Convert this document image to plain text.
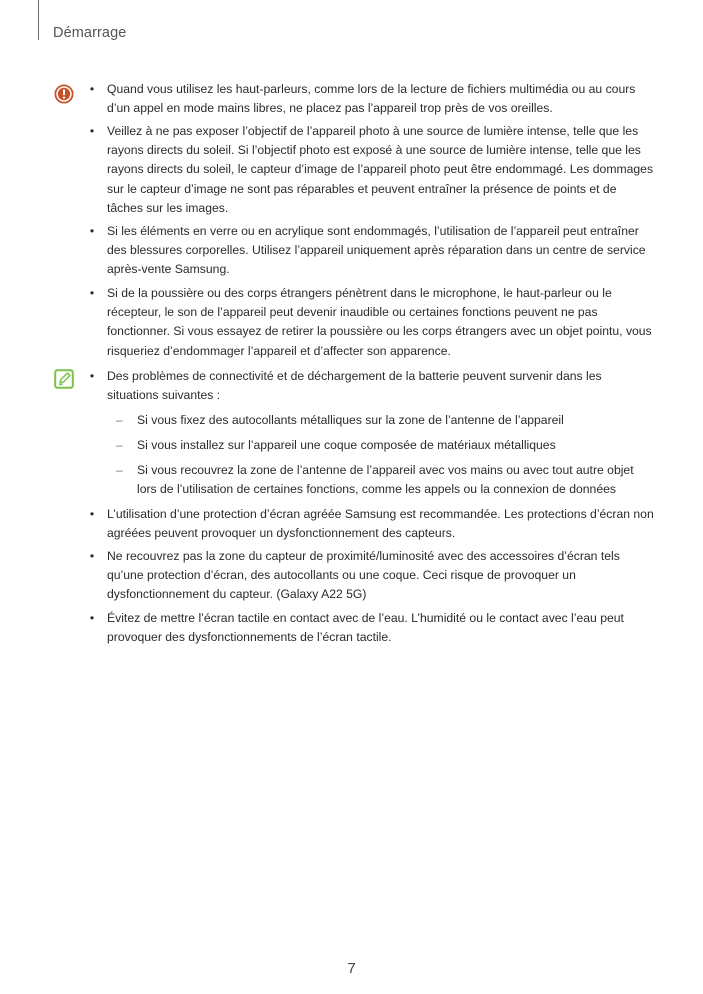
Démarrage
• Quand vous utilisez les haut-parleurs, comme lors de la lecture de fichiers multimédia ou au cours d’un appel en mode mains libres, ne placez pas l’appareil trop près de vos oreilles.
• Veillez à ne pas exposer l’objectif de l’appareil photo à une source de lumière intense, telle que les rayons directs du soleil. Si l’objectif photo est exposé à une source de lumière intense, telle que les rayons directs du soleil, le capteur d’image de l’appareil photo peut être endommagé. Les dommages sur le capteur d’image ne sont pas réparables et peuvent entraîner la présence de points et de tâches sur les images.
• Si les éléments en verre ou en acrylique sont endommagés, l’utilisation de l’appareil peut entraîner des blessures corporelles. Utilisez l’appareil uniquement après réparation dans un centre de service après-vente Samsung.
• Si de la poussière ou des corps étrangers pénètrent dans le microphone, le haut-parleur ou le récepteur, le son de l’appareil peut devenir inaudible ou certaines fonctions peuvent ne pas fonctionner. Si vous essayez de retirer la poussière ou les corps étrangers avec un objet pointu, vous risqueriez d’endommager l’appareil et d’affecter son apparence.
• Des problèmes de connectivité et de déchargement de la batterie peuvent survenir dans les situations suivantes :
– Si vous fixez des autocollants métalliques sur la zone de l’antenne de l’appareil
– Si vous installez sur l’appareil une coque composée de matériaux métalliques
– Si vous recouvrez la zone de l’antenne de l’appareil avec vos mains ou avec tout autre objet lors de l’utilisation de certaines fonctions, comme les appels ou la connexion de données
• L’utilisation d’une protection d’écran agréée Samsung est recommandée. Les protections d’écran non agréées peuvent provoquer un dysfonctionnement des capteurs.
• Ne recouvrez pas la zone du capteur de proximité/luminosité avec des accessoires d’écran tels qu’une protection d’écran, des autocollants ou une coque. Ceci risque de provoquer un dysfonctionnement du capteur. (Galaxy A22 5G)
• Évitez de mettre l’écran tactile en contact avec de l’eau. L’humidité ou le contact avec l’eau peut provoquer des dysfonctionnements de l’écran tactile.
7
